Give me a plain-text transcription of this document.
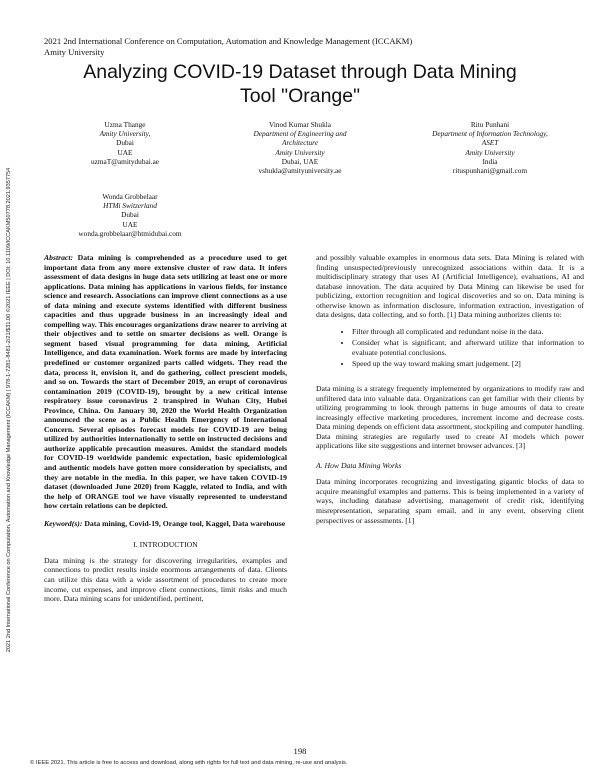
2021 2nd International Conference on Computation, Automation and Knowledge Management (ICCAKM) | 978-1-7281-8481-2/21/$31.00 ©2021 IEEE | DOI: 10.1109/ICCAKM50778.2021.9357754
2021 2nd International Conference on Computation, Automation and Knowledge Management (ICCAKM)
Amity University
Analyzing COVID-19 Dataset through Data Mining
Tool "Orange"
Uzma Thange
Amity University,
Dubai
UAE
uzmaT@amitydubai.ae
Vinod Kumar Shukla
Department of Engineering and
Architecture
Amity University
Dubai, UAE
vshukla@amityuniversity.ae
Ritu Punhani
Department of Information Technology,
ASET
Amity University
India
rituspunhani@gmail.com
Wonda Grobbelaar
HTMi Switzerland
Dubai
UAE
wonda.grobbelaar@htmidubai.com

Abstract: Data mining is comprehended as a procedure used to get important data from any more extensive cluster of raw data. It infers assessment of data designs in huge data sets utilizing at least one or more applications. Data mining has applications in various fields, for instance science and research. Associations can improve client connections as a use of data mining and execute systems identified with different business capacities and thus upgrade business in an increasingly ideal and compelling way. This encourages organizations draw nearer to arriving at their objectives and to settle on smarter decisions as well. Orange is segment based visual programming for data mining, Artificial Intelligence, and data examination. Work forms are made by interfacing predefined or customer organized parts called widgets. They read the data, process it, envision it, and do gathering, collect prescient models, and so on. Towards the start of December 2019, an erupt of coronavirus contamination 2019 (COVID-19), brought by a new critical intense respiratory issue coronavirus 2 transpired in Wuhan City, Hubei Province, China. On January 30, 2020 the World Health Organization announced the scene as a Public Health Emergency of International Concern. Several episodes forecast models for COVID-19 are being utilized by authorities internationally to settle on instructed decisions and authorize applicable precaution measures. Amidst the standard models for COVID-19 worldwide pandemic expectation, basic epidemiological and authentic models have gotten more consideration by specialists, and they are notable in the media. In this paper, we have taken COVID-19 dataset (downloaded June 2020) from Kaggle, related to India, and with the help of ORANGE tool we have visually represented to understand how certain relations can be depicted.

Keyword(s): Data mining, Covid-19, Orange tool, Kaggel, Data warehouse

I. INTRODUCTION

Data mining is the strategy for discovering irregularities, examples and connections to predict results inside enormous arrangements of data. Clients can utilize this data with a wide assortment of procedures to create more income, cut expenses, and improve client connections, limit risks and much more. Data mining scans for unidentified, pertinent,

and possibly valuable examples in enormous data sets. Data Mining is related with finding unsuspected/previously unrecognized associations within data. It is a multidisciplinary strategy that uses AI (Artificial Intelligence), evaluations, AI and database innovation. The data acquired by Data Mining can likewise be used for publicizing, extortion recognition and logical discoveries and so on. Data mining is otherwise known as information disclosure, information extraction, investigation of data designs, data collecting, and so forth. [1] Data mining authorizes clients to:

• Filter through all complicated and redundant noise in the data.
• Consider what is significant, and afterward utilize that information to evaluate potential conclusions.
• Speed up the way toward making smart judgement. [2]

Data mining is a strategy frequently implemented by organizations to modify raw and unfiltered data into valuable data. Organizations can get familiar with their clients by utilizing programming to look through patterns in huge amounts of data to create increasingly effective marketing procedures, increment income and decrease costs. Data mining depends on efficient data assortment, stockpiling and computer handling. Data mining strategies are regularly used to create AI models which power applications like site suggestions and internet browser advances. [3]

A. How Data Mining Works

Data mining incorporates recognizing and investigating gigantic blocks of data to acquire meaningful examples and patterns. This is being implemented in a variety of ways, including database advertising, management of credit risk, identifying misrepresentation, separating spam email, and in any event, observing client perspectives or assessments. [1]

198
© IEEE 2021. This article is free to access and download, along with rights for full text and data mining, re-use and analysis.
